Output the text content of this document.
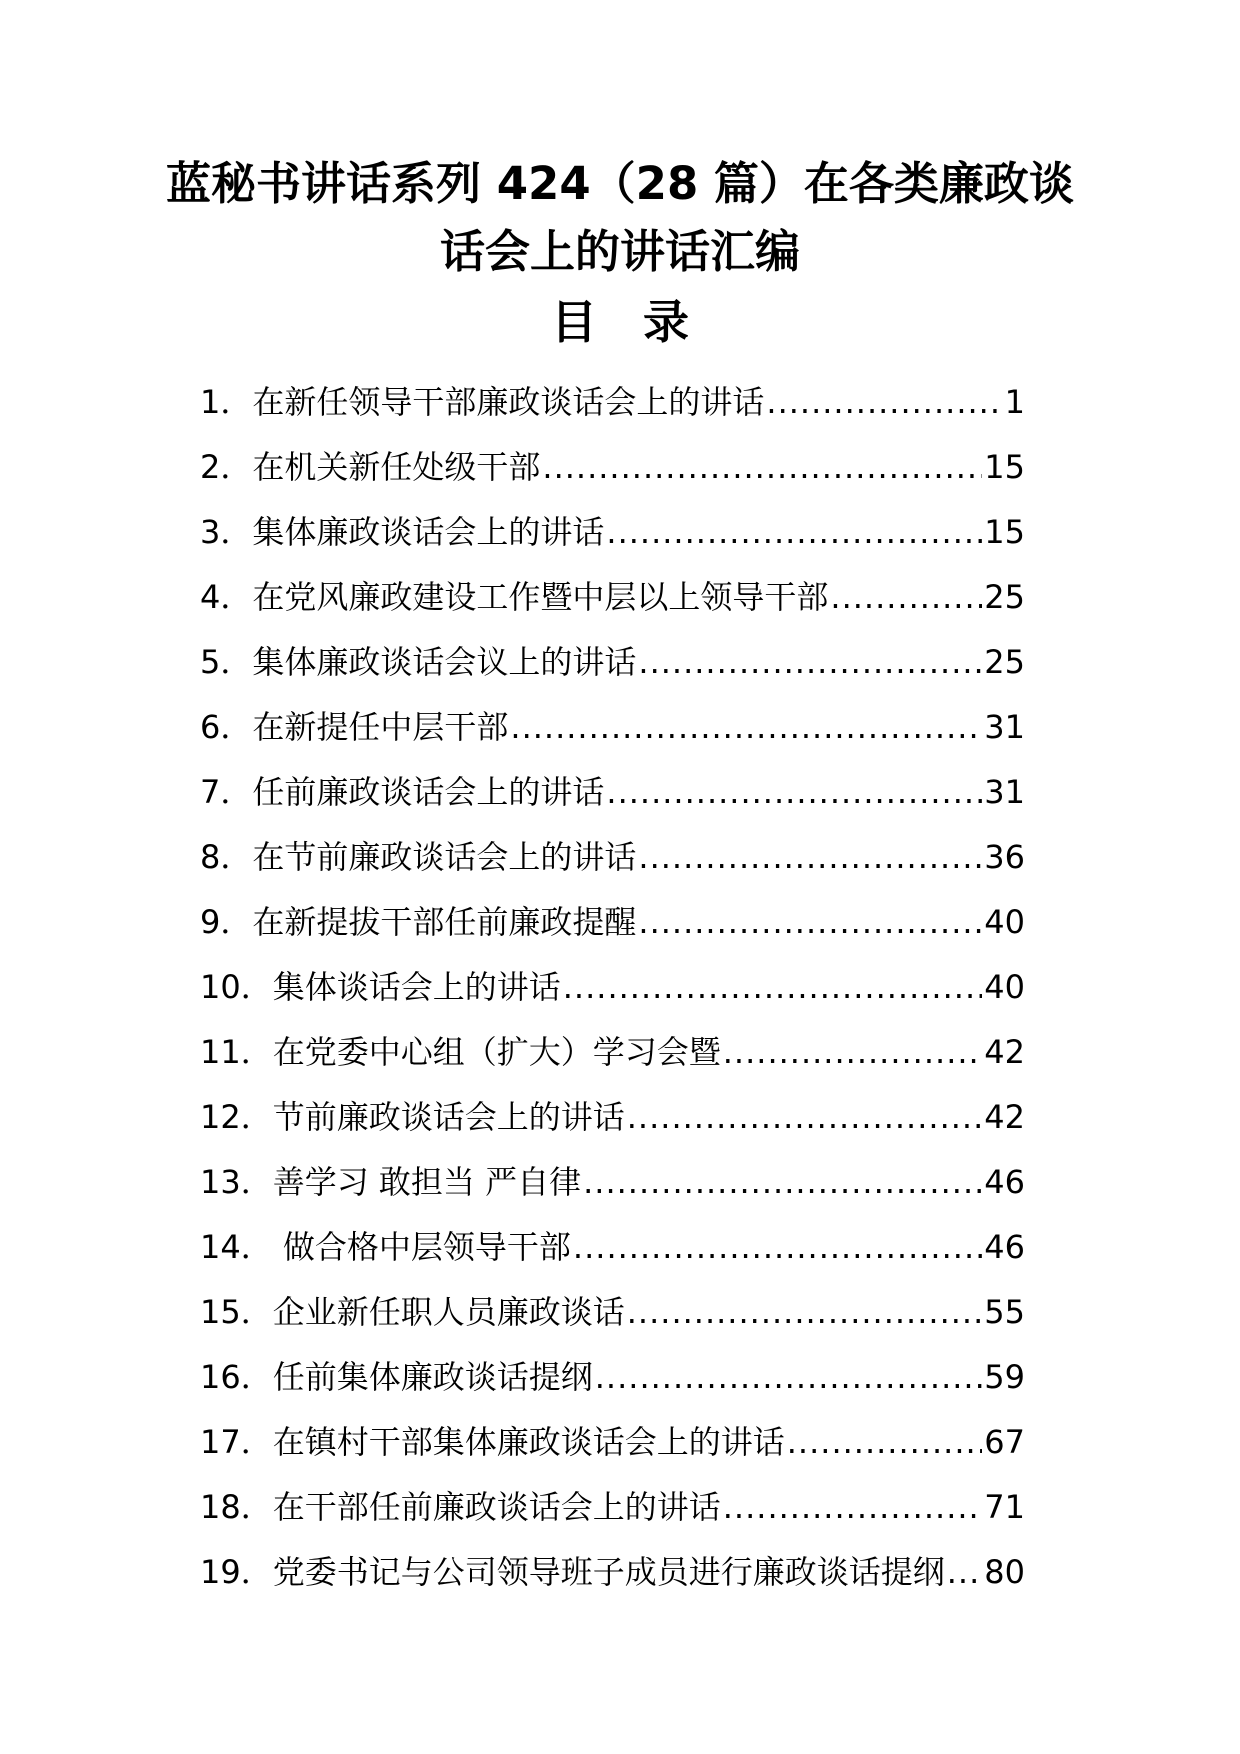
蓝秘书讲话系列 424（28 篇）在各类廉政谈
话会上的讲话汇编
目　录
1 ． 在新任领导干部廉政谈话会上的讲话 .....	1
2 ． 在机关新任处级干部 .....	15
3 ． 集体廉政谈话会上的讲话 .....	15
4 ． 在党风廉政建设工作暨中层以上领导干部 .....	25
5 ． 集体廉政谈话会议上的讲话 .....	25
6 ． 在新提任中层干部 .....	31
7 ． 任前廉政谈话会上的讲话 .....	31
8 ． 在节前廉政谈话会上的讲话 .....	36
9 ． 在新提拔干部任前廉政提醒 .....	40
10 ． 集体谈话会上的讲话 .....	40
11 ． 在党委中心组（扩大）学习会暨 .....	42
12 ． 节前廉政谈话会上的讲话 .....	42
13 ． 善学习 敢担当 严自律 .....	46
14 ． 做合格中层领导干部 .....	46
15 ． 企业新任职人员廉政谈话 .....	55
16 ． 任前集体廉政谈话提纲 .....	59
17 ． 在镇村干部集体廉政谈话会上的讲话 .....	67
18 ． 在干部任前廉政谈话会上的讲话 .....	71
19 ． 党委书记与公司领导班子成员进行廉政谈话提纲 ..... 80
